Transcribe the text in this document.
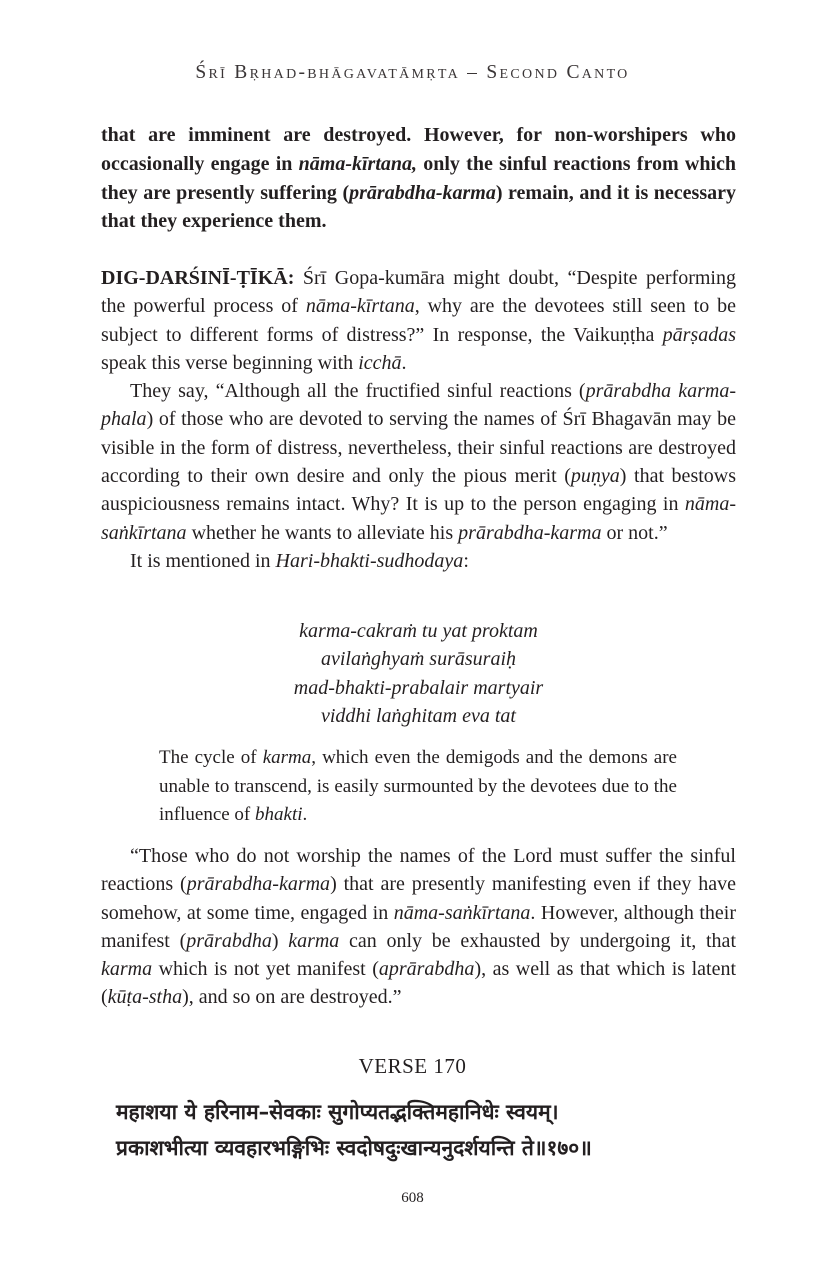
Śrī Bṛhad-bhāgavatāmṛta – Second Canto
that are imminent are destroyed. However, for non-worshipers who occasionally engage in nāma-kīrtana, only the sinful reactions from which they are presently suffering (prārabdha-karma) remain, and it is necessary that they experience them.

DIG-DARŚINĪ-ṬĪKĀ: Śrī Gopa-kumāra might doubt, “Despite performing the powerful process of nāma-kīrtana, why are the devotees still seen to be subject to different forms of distress?” In response, the Vaikuṇṭha pārṣadas speak this verse beginning with icchā.

They say, “Although all the fructified sinful reactions (prārabdha karma-phala) of those who are devoted to serving the names of Śrī Bhagavān may be visible in the form of distress, nevertheless, their sinful reactions are destroyed according to their own desire and only the pious merit (puṇya) that bestows auspiciousness remains intact. Why? It is up to the person engaging in nāma-saṅkīrtana whether he wants to alleviate his prārabdha-karma or not.”

It is mentioned in Hari-bhakti-sudhodaya:

karma-cakraṁ tu yat proktam
avilaṅghyaṁ surāsuraiḥ
mad-bhakti-prabalair martyair
viddhi laṅghitam eva tat
The cycle of karma, which even the demigods and the demons are unable to transcend, is easily surmounted by the devotees due to the influence of bhakti.
“Those who do not worship the names of the Lord must suffer the sinful reactions (prārabdha-karma) that are presently manifesting even if they have somehow, at some time, engaged in nāma-saṅkīrtana. However, although their manifest (prārabdha) karma can only be exhausted by undergoing it, that karma which is not yet manifest (aprārabdha), as well as that which is latent (kūṭa-stha), and so on are destroyed.”
VERSE 170
महाशया ये हरिनाम–सेवकाः सुगोप्यतद्भक्तिमहानिधेः स्वयम्।
प्रकाशभीत्या व्यवहारभङ्गिभिः स्वदोषदुःखान्यनुदर्शयन्ति ते॥१७०॥
608
